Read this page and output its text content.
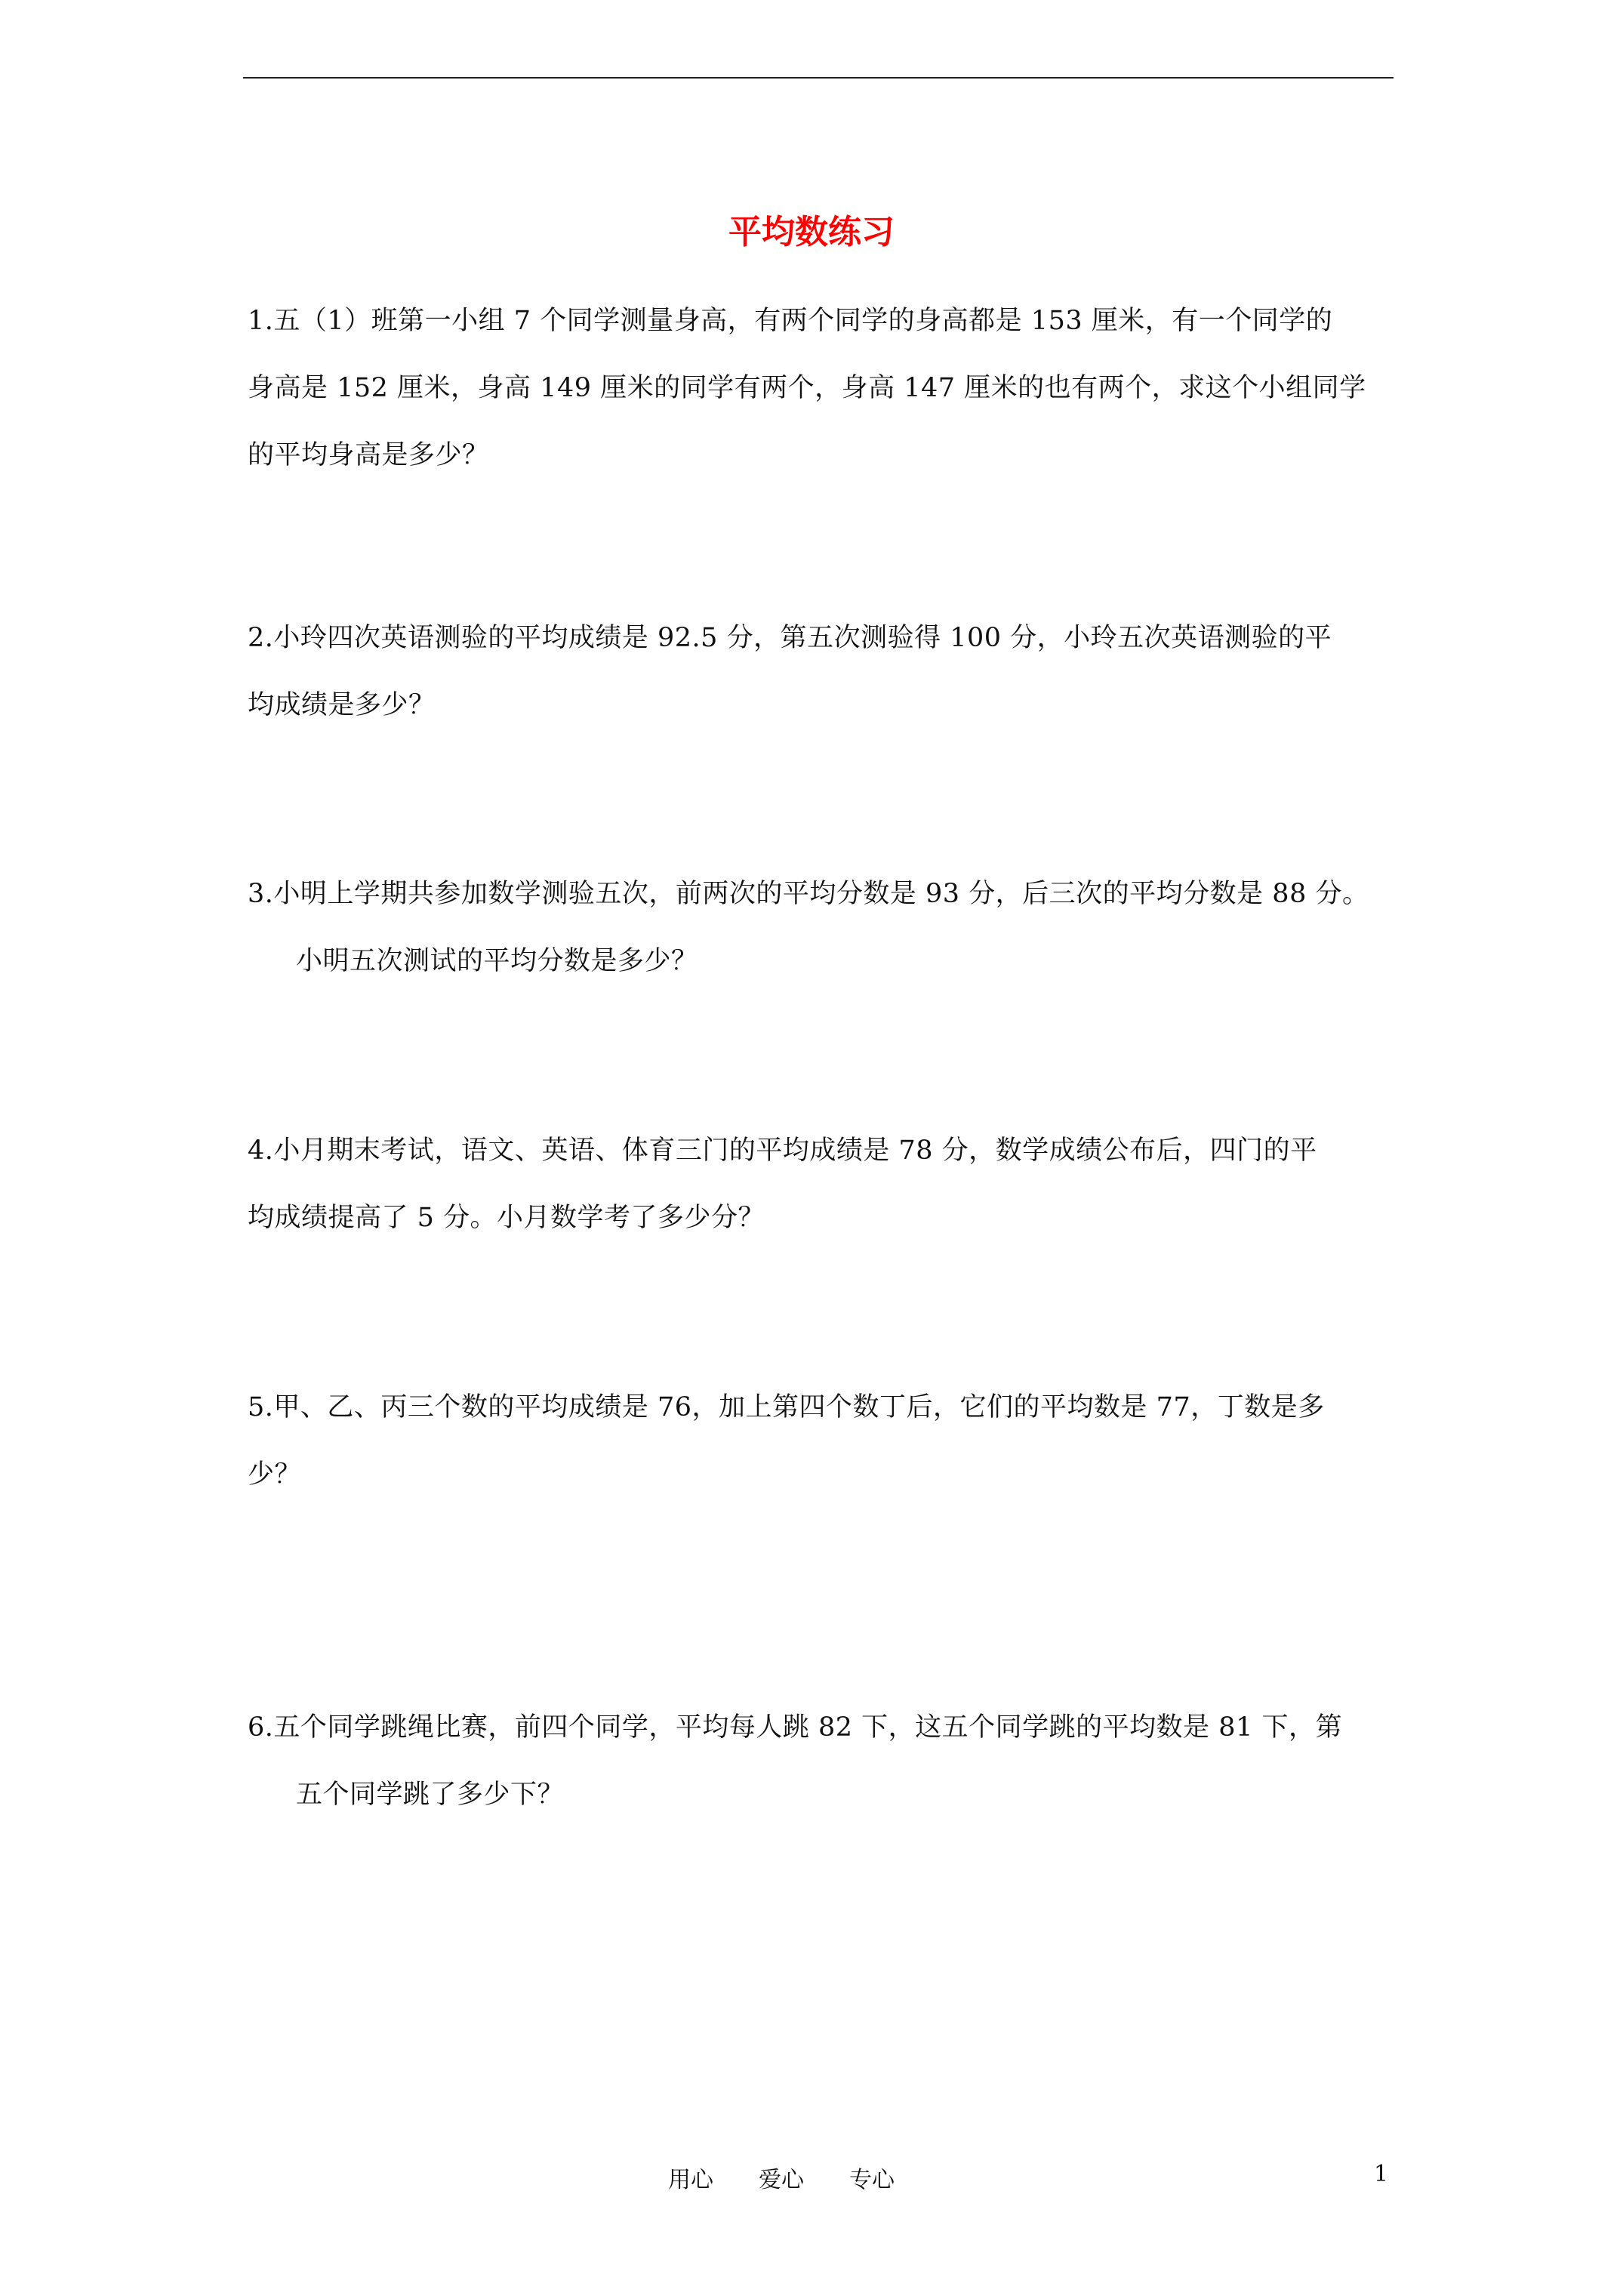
平均数练习
1.五（1）班第一小组 7 个同学测量身高，有两个同学的身高都是 153 厘米，有一个同学的
身高是 152 厘米，身高 149 厘米的同学有两个，身高 147 厘米的也有两个，求这个小组同学
的平均身高是多少？
2.小玲四次英语测验的平均成绩是 92.5 分，第五次测验得 100 分，小玲五次英语测验的平
均成绩是多少？
3.小明上学期共参加数学测验五次，前两次的平均分数是 93 分，后三次的平均分数是 88 分。
小明五次测试的平均分数是多少？
4.小月期末考试，语文、英语、体育三门的平均成绩是 78 分，数学成绩公布后，四门的平
均成绩提高了 5 分。小月数学考了多少分？
5.甲、乙、丙三个数的平均成绩是 76，加上第四个数丁后，它们的平均数是 77，丁数是多
少？
6.五个同学跳绳比赛，前四个同学，平均每人跳 82 下，这五个同学跳的平均数是 81 下，第
五个同学跳了多少下？
用心　　爱心　　专心	1
